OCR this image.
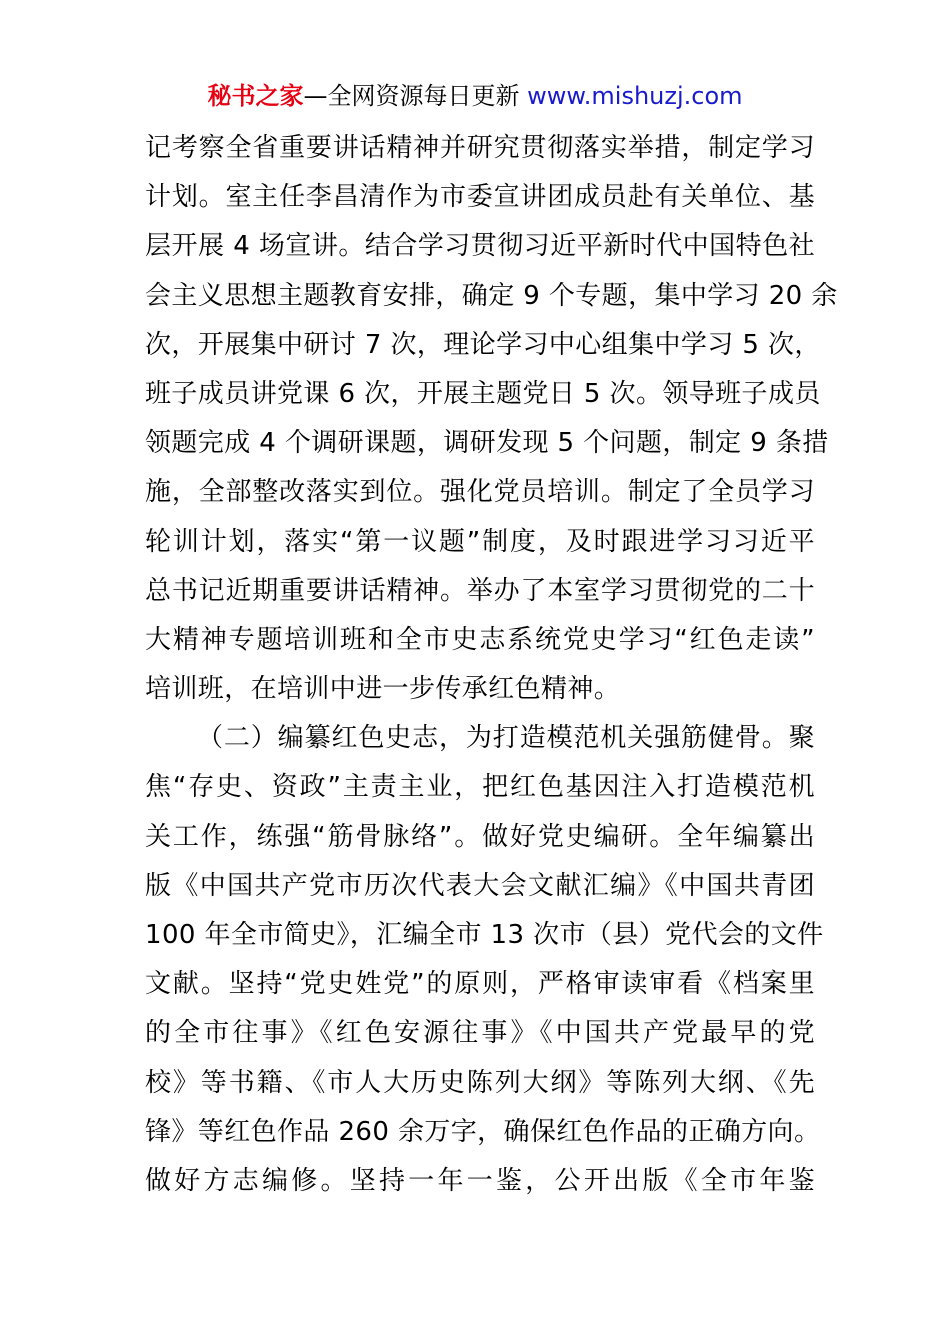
秘书之家—全网资源每日更新 www.mishuzj.com
记考察全省重要讲话精神并研究贯彻落实举措，制定学习
计划。室主任李昌清作为市委宣讲团成员赴有关单位、基
层开展 4 场宣讲。结合学习贯彻习近平新时代中国特色社
会主义思想主题教育安排，确定 9 个专题，集中学习 20 余
次，开展集中研讨 7 次，理论学习中心组集中学习 5 次，
班子成员讲党课 6 次，开展主题党日 5 次。领导班子成员
领题完成 4 个调研课题，调研发现 5 个问题，制定 9 条措
施，全部整改落实到位。强化党员培训。制定了全员学习
轮训计划，落实“第一议题”制度，及时跟进学习习近平
总书记近期重要讲话精神。举办了本室学习贯彻党的二十
大精神专题培训班和全市史志系统党史学习“红色走读”
培训班，在培训中进一步传承红色精神。
（二）编纂红色史志，为打造模范机关强筋健骨。聚
焦“存史、资政”主责主业，把红色基因注入打造模范机
关工作，练强“筋骨脉络”。做好党史编研。全年编纂出
版《中国共产党市历次代表大会文献汇编》《中国共青团
100 年全市简史》，汇编全市 13 次市（县）党代会的文件
文献。坚持“党史姓党”的原则，严格审读审看《档案里
的全市往事》《红色安源往事》《中国共产党最早的党
校》等书籍、《市人大历史陈列大纲》等陈列大纲、《先
锋》等红色作品 260 余万字，确保红色作品的正确方向。
做好方志编修。坚持一年一鉴，公开出版《全市年鉴
